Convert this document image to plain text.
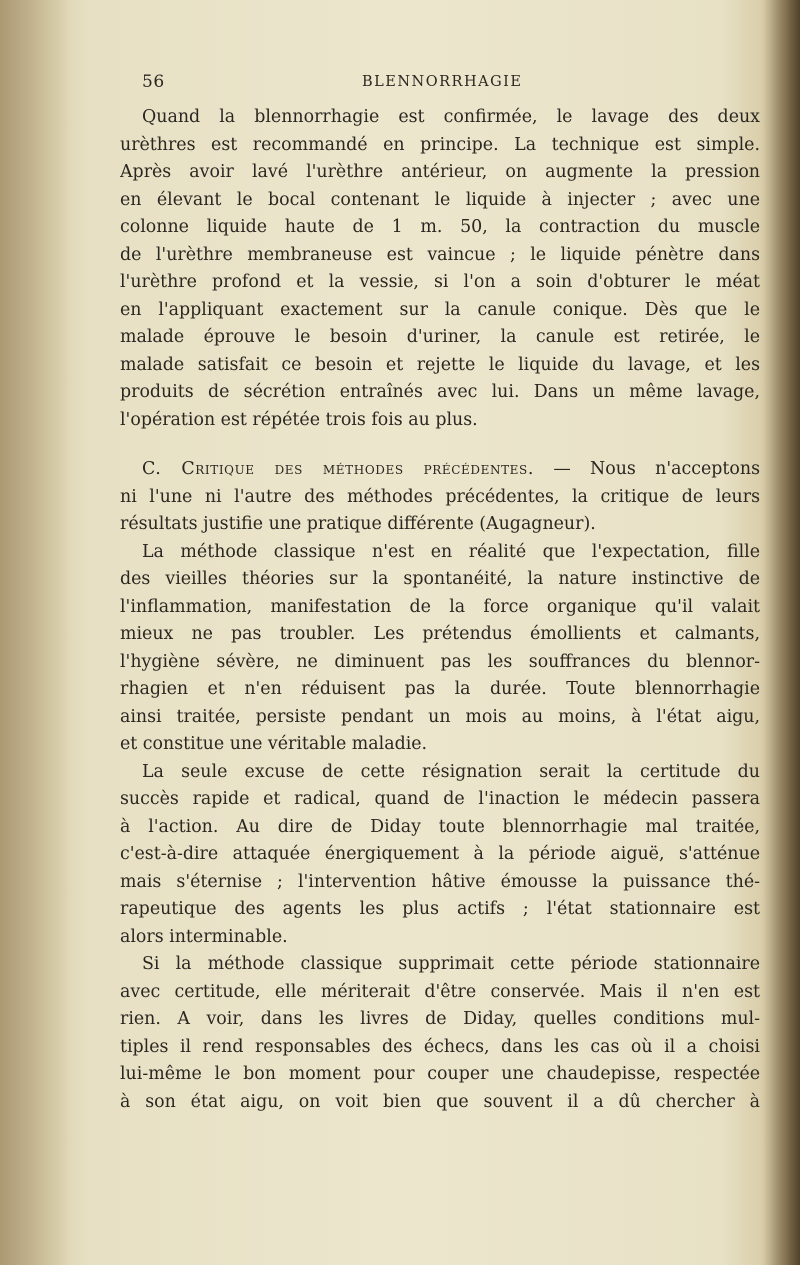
56	BLENNORRHAGIE
Quand la blennorrhagie est confirmée, le lavage des deux
urèthres est recommandé en principe. La technique est simple.
Après avoir lavé l'urèthre antérieur, on augmente la pression
en élevant le bocal contenant le liquide à injecter ; avec une
colonne liquide haute de 1 m. 50, la contraction du muscle
de l'urèthre membraneuse est vaincue ; le liquide pénètre dans
l'urèthre profond et la vessie, si l'on a soin d'obturer le méat
en l'appliquant exactement sur la canule conique. Dès que le
malade éprouve le besoin d'uriner, la canule est retirée, le
malade satisfait ce besoin et rejette le liquide du lavage, et les
produits de sécrétion entraînés avec lui. Dans un même lavage,
l'opération est répétée trois fois au plus.
C. Critique des méthodes précédentes. — Nous n'acceptons
ni l'une ni l'autre des méthodes précédentes, la critique de leurs
résultats justifie une pratique différente (Augagneur).
La méthode classique n'est en réalité que l'expectation, fille
des vieilles théories sur la spontanéité, la nature instinctive de
l'inflammation, manifestation de la force organique qu'il valait
mieux ne pas troubler. Les prétendus émollients et calmants,
l'hygiène sévère, ne diminuent pas les souffrances du blennor-
rhagien et n'en réduisent pas la durée. Toute blennorrhagie
ainsi traitée, persiste pendant un mois au moins, à l'état aigu,
et constitue une véritable maladie.
La seule excuse de cette résignation serait la certitude du
succès rapide et radical, quand de l'inaction le médecin passera
à l'action. Au dire de Diday toute blennorrhagie mal traitée,
c'est-à-dire attaquée énergiquement à la période aiguë, s'atténue
mais s'éternise ; l'intervention hâtive émousse la puissance thé-
rapeutique des agents les plus actifs ; l'état stationnaire est
alors interminable.
Si la méthode classique supprimait cette période stationnaire
avec certitude, elle mériterait d'être conservée. Mais il n'en est
rien. A voir, dans les livres de Diday, quelles conditions mul-
tiples il rend responsables des échecs, dans les cas où il a choisi
lui-même le bon moment pour couper une chaudepisse, respectée
à son état aigu, on voit bien que souvent il a dû chercher à
